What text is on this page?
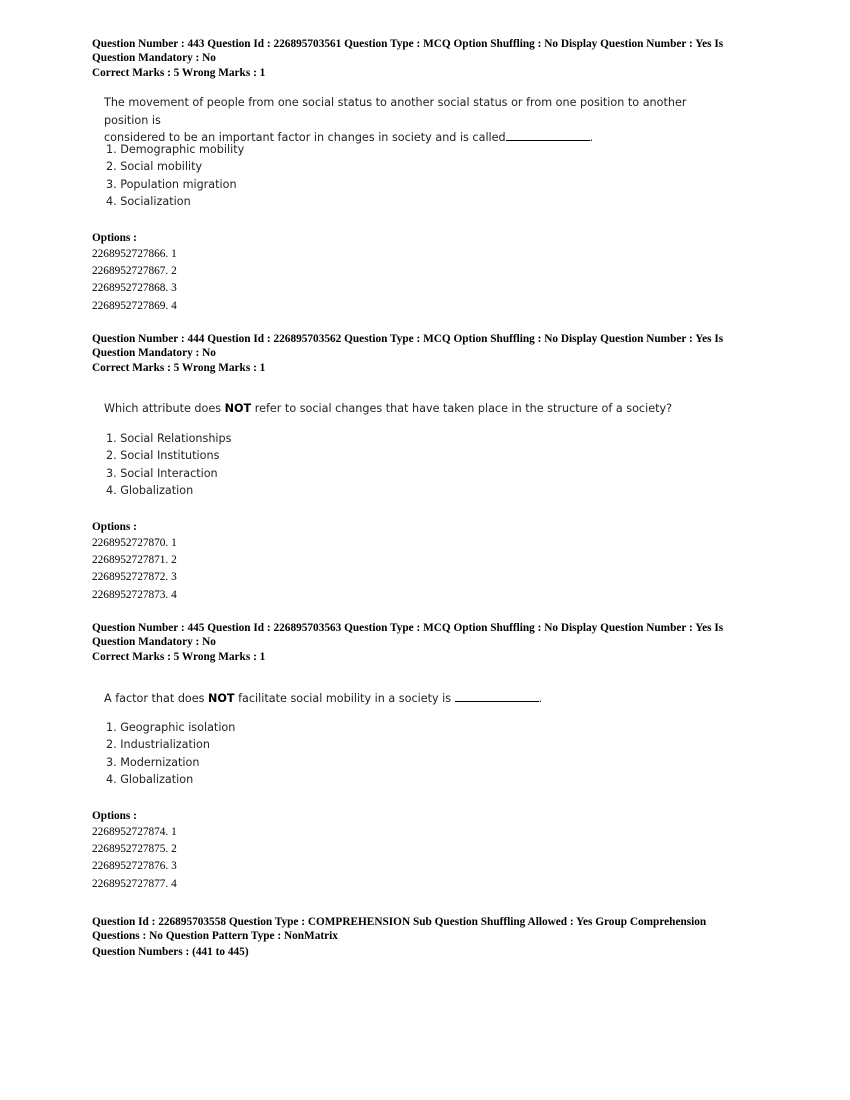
Question Number : 443 Question Id : 226895703561 Question Type : MCQ Option Shuffling : No Display Question Number : Yes Is
Question Mandatory : No
Correct Marks : 5 Wrong Marks : 1
The movement of people from one social status to another social status or from one position to another position is
considered to be an important factor in changes in society and is called	.
1. Demographic mobility
2. Social mobility
3. Population migration
4. Socialization
Options :
2268952727866. 1
2268952727867. 2
2268952727868. 3
2268952727869. 4
Question Number : 444 Question Id : 226895703562 Question Type : MCQ Option Shuffling : No Display Question Number : Yes Is
Question Mandatory : No
Correct Marks : 5 Wrong Marks : 1
Which attribute does NOT refer to social changes that have taken place in the structure of a society?
1. Social Relationships
2. Social Institutions
3. Social Interaction
4. Globalization
Options :
2268952727870. 1
2268952727871. 2
2268952727872. 3
2268952727873. 4
Question Number : 445 Question Id : 226895703563 Question Type : MCQ Option Shuffling : No Display Question Number : Yes Is
Question Mandatory : No
Correct Marks : 5 Wrong Marks : 1
A factor that does NOT facilitate social mobility in a society is	.
1. Geographic isolation
2. Industrialization
3. Modernization
4. Globalization
Options :
2268952727874. 1
2268952727875. 2
2268952727876. 3
2268952727877. 4
Question Id : 226895703558 Question Type : COMPREHENSION Sub Question Shuffling Allowed : Yes Group Comprehension
Questions : No Question Pattern Type : NonMatrix
Question Numbers : (441 to 445)
